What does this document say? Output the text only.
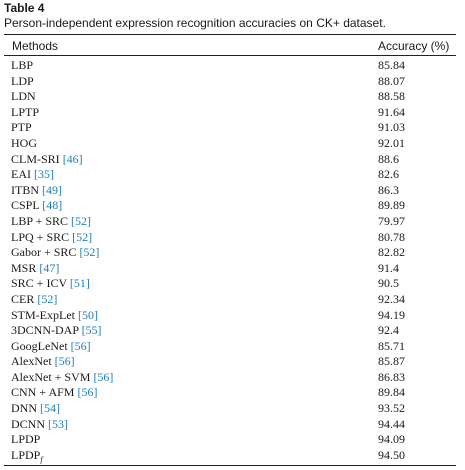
Table 4
Person-independent expression recognition accuracies on CK+ dataset.
Methods	Accuracy (%)
LBP	85.84
LDP	88.07
LDN	88.58
LPTP	91.64
PTP	91.03
HOG	92.01
CLM-SRI [46]	88.6
EAI [35]	82.6
ITBN [49]	86.3
CSPL [48]	89.89
LBP + SRC [52]	79.97
LPQ + SRC [52]	80.78
Gabor + SRC [52]	82.82
MSR [47]	91.4
SRC + ICV [51]	90.5
CER [52]	92.34
STM-ExpLet [50]	94.19
3DCNN-DAP [55]	92.4
GoogLeNet [56]	85.71
AlexNet [56]	85.87
AlexNet + SVM [56]	86.83
CNN + AFM [56]	89.84
DNN [54]	93.52
DCNN [53]	94.44
LPDP	94.09
$LPDP_f$	94.50
